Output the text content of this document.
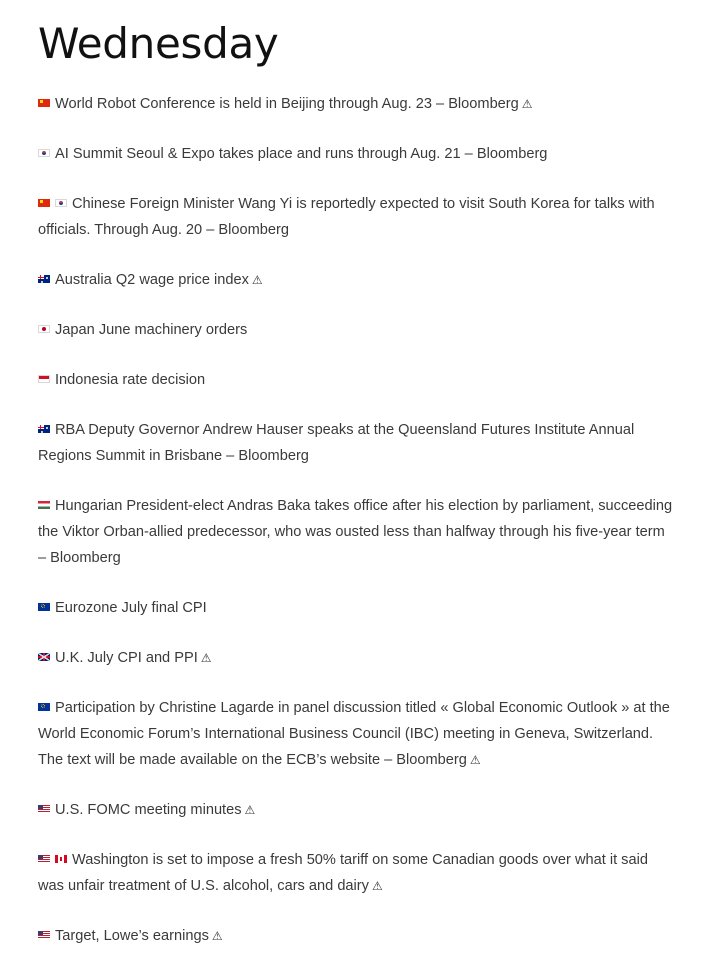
Wednesday

World Robot Conference is held in Beijing through Aug. 23 – Bloomberg ⚠

AI Summit Seoul & Expo takes place and runs through Aug. 21 – Bloomberg

Chinese Foreign Minister Wang Yi is reportedly expected to visit South Korea for talks with officials. Through Aug. 20 – Bloomberg

Australia Q2 wage price index ⚠

Japan June machinery orders

Indonesia rate decision

RBA Deputy Governor Andrew Hauser speaks at the Queensland Futures Institute Annual Regions Summit in Brisbane – Bloomberg

Hungarian President-elect Andras Baka takes office after his election by parliament, succeeding the Viktor Orban-allied predecessor, who was ousted less than halfway through his five-year term – Bloomberg

Eurozone July final CPI

U.K. July CPI and PPI ⚠

Participation by Christine Lagarde in panel discussion titled « Global Economic Outlook » at the World Economic Forum’s International Business Council (IBC) meeting in Geneva, Switzerland. The text will be made available on the ECB’s website – Bloomberg ⚠

U.S. FOMC meeting minutes ⚠

Washington is set to impose a fresh 50% tariff on some Canadian goods over what it said was unfair treatment of U.S. alcohol, cars and dairy ⚠

Target, Lowe’s earnings ⚠
